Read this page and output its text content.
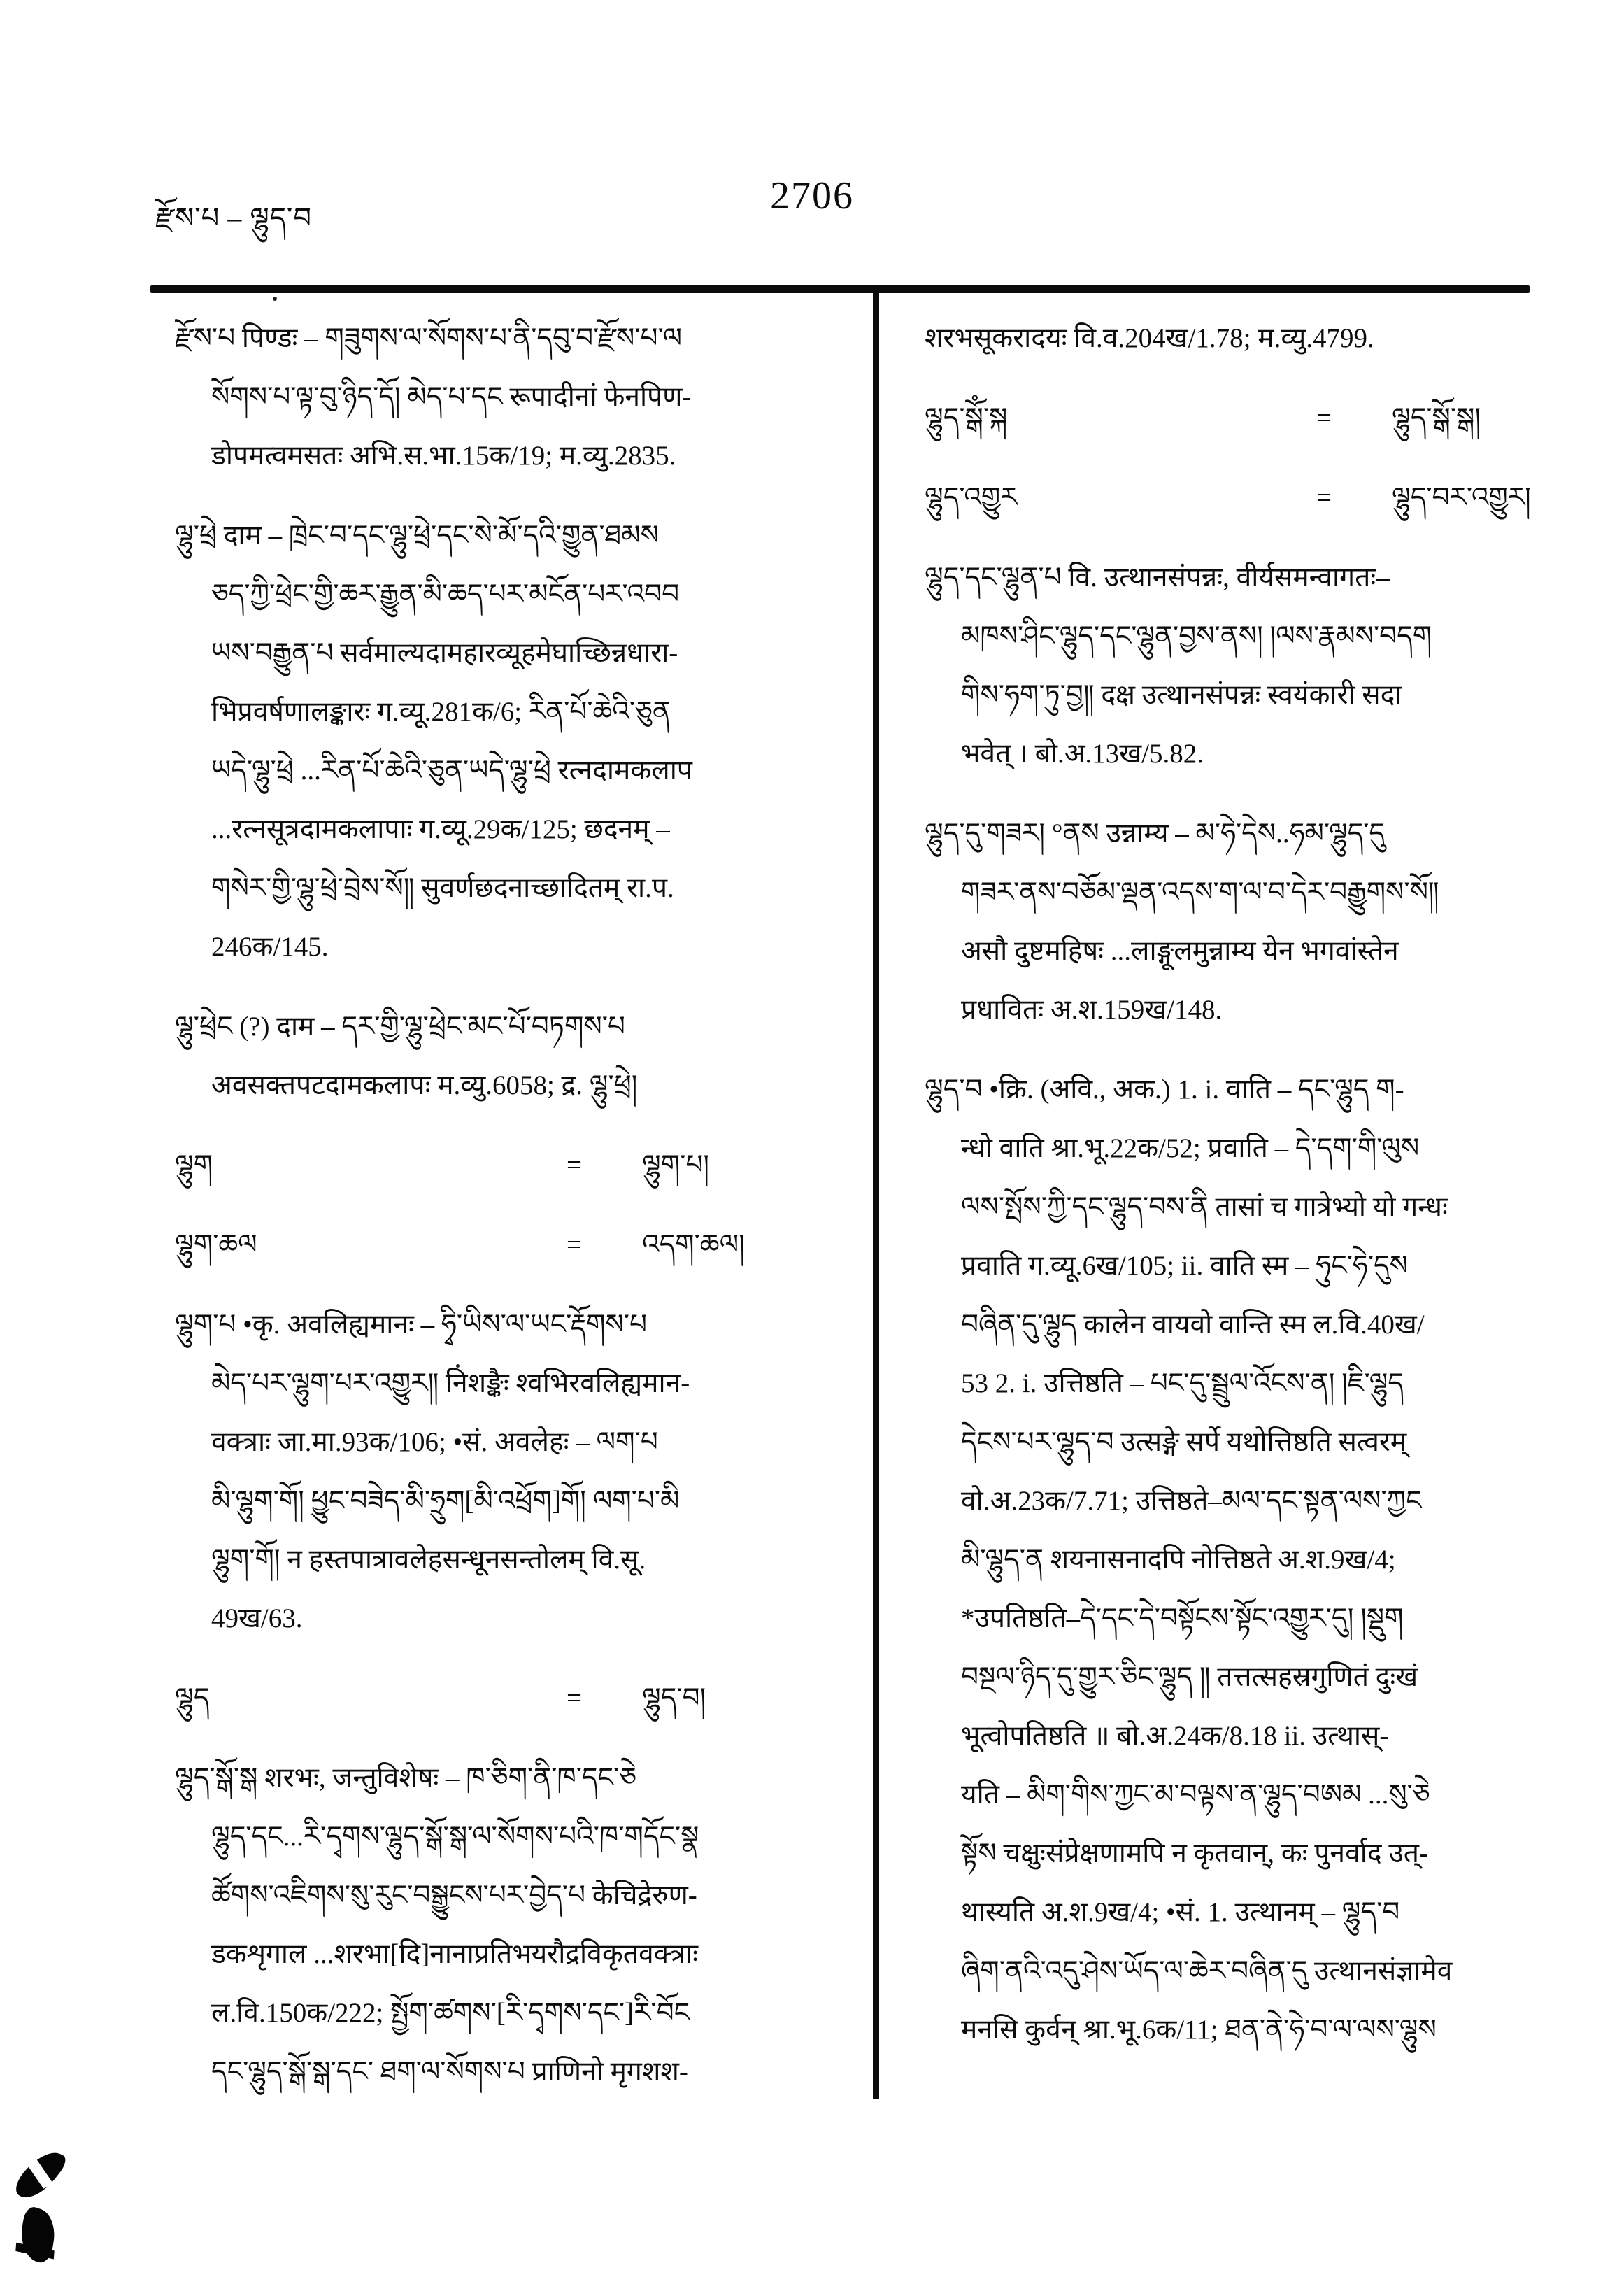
2706
རྫོས་པ – ལྷུད་བ
རྫོས་པ पिण्डः – གཟུགས་ལ་སོགས་པ་ནི་དབུ་བ་རྫོས་པ་ལ
སོགས་པ་ལྟ་བུ་ཉིད་དོ། མེད་པ་དང रूपादीनां फेनपिण-
डोपमत्वमसतः अभि.स.भा.15क/19; म.व्यु.2835.
ལྷུ་ཕྲེ दाम – ཁྲེང་བ་དང་ལྷུ་ཕྲེ་དང་སེ་མོ་དའི་གྱུན་ཐམས
ཅད་ཀྱི་ཕྲེང་གྱི་ཆར་རྒྱུན་མི་ཆད་པར་མངོན་པར་འབབ
ཡས་བརྒྱུན་པ सर्वमाल्यदामहारव्यूहमेघाच्छिन्नधारा-
भिप्रवर्षणालङ्कारः ग.व्यू.281क/6; རིན་པོ་ཆེའི་ཅུན
ཡདེ་ལྷུ་ཕྲེ ...རིན་པོ་ཆེའི་ཅུན་ཡདེ་ལྷུ་ཕྲེ रत्नदामकलाप
...रत्नसूत्रदामकलापाः ग.व्यू.29क/125; छदनम् –
གསེར་གྱི་ལྷུ་ཕྲེ་བྲེས་སོ༎ सुवर्णछदनाच्छादितम् रा.प.
246क/145.
ལྷུ་ཕྲེང (?) दाम – དར་གྱི་ལྷུ་ཕྲེང་མང་པོ་བཏགས་པ
अवसक्तपटदामकलापः म.व्यु.6058; द्र. ལྷུ་ཕྲེ།
ལྷུག	= ལྷུག་པ།
ལྷུག་ཆལ	= འདག་ཆལ།
ལྷུག་པ •कृ. अवलिह्यमानः – ཧྭི་ཡིས་ལ་ཡང་རྡོགས་པ
མེད་པར་ལྷུག་པར་འགྱུར༎ निशङ्कैः श्वभिरवलिह्यमान-
वक्त्राः जा.मा.93क/106; •सं. अवलेहः – ལག་པ
མི་ལྷུག་གོ། ཕྱུང་བཟེད་མི་ཧྲུག[མི་འཕྲོག]གོ། ལག་པ་མི
ལྷུག་གོ། न हस्तपात्रावलेहसन्धूनसन्तोलम् वि.सू.
49ख/63.
ལྷུད	= ལྷུད་བ།
ལྷུད་སྒོ་སྒ शरभः, जन्तुविशेषः – ཁ་ཅིག་ནི་ཁ་དང་ཅེ
ལྷུད་དང...རི་དྭགས་ལྷུད་སྒོ་སྒ་ལ་སོགས་པའི་ཁ་གདོང་སྣ
ཚོགས་འཇིགས་སུ་རུང་བསྒྱུངས་པར་བྱེད་པ केचिद्रेरुण-
डकशृगाल ...शरभा[दि]नानाप्रतिभयरौद्रविकृतवक्त्राः
ल.वि.150क/222; སྤྱོག་ཚགས་[རི་དྭགས་དང་]རི་བོང
དང་ལྷུད་སྒོ་སྒ་དང་ ཐག་ལ་སོགས་པ प्राणिनो मृगशश-
शरभसूकरादयः वि.व.204ख/1.78; म.व्यु.4799.
ལྷུད་སྒོཾ་སྐ	= ལྷུད་སྒོ་སྒ།
ལྷུད་འགྱུར	= ལྷུད་བར་འགྱུར།
ལྷུད་དང་ལྷུན་པ वि. उत्थानसंपन्नः, वीर्यसमन्वागतः–
མཁས་ཤིང་ལྷུད་དང་ལྷུན་བྱས་ནས། །ལས་རྣམས་བདག
གིས་ཧག་ཏུ་བྱ༎ दक्ष उत्थानसंपन्नः स्वयंकारी सदा
भवेत् । बो.अ.13ख/5.82.
ལྷུད་དུ་གཟར། °ནས उन्नाम्य – མ་ཧེ་དེས..ཧམ་ལྷུད་དུ
གཟར་ནས་བཅོམ་ལྡན་འདས་ག་ལ་བ་དེར་བརྒྱུགས་སོ༎
असौ दुष्टमहिषः ...लाङ्गूलमुन्नाम्य येन भगवांस्तेन
प्रधावितः अ.श.159ख/148.
ལྷུད་བ •क्रि. (अवि., अक.) 1. i. वाति – དང་ལྷུད ག-
न्धो वाति श्रा.भू.22क/52; प्रवाति – དེ་དག་གི་ལུས
ལས་སྤོས་ཀྱི་དང་ལྷུད་བས་ནི तासां च गात्रेभ्यो यो गन्धः
प्रवाति ग.व्यू.6ख/105; ii. वाति स्म – ཧུང་ཧེ་དུས
བཞིན་དུ་ལྷུད कालेन वायवो वान्ति स्म ल.वि.40ख/
53 2. i. उत्तिष्ठति – པང་དུ་སྦྲུལ་འོངས་ན། །ཇི་ལྷུད
དེངས་པར་ལྷུད་བ उत्सङ्गे सर्पे यथोत्तिष्ठति सत्वरम्
वो.अ.23क/7.71; उत्तिष्ठते–མལ་དང་སྟན་ལས་ཀྱང
མི་ལྷུད་ན शयनासनादपि नोत्तिष्ठते अ.श.9ख/4;
*उपतिष्ठति–དེ་དང་དེ་བསྟོངས་སྟོང་འགྱུར་དུ། །སྡུག
བསྔལ་ཉིད་དུ་གྱུར་ཅིང་ལྷུད ༎ तत्तत्सहस्रगुणितं दुःखं
भूत्वोपतिष्ठति ॥ बो.अ.24क/8.18 ii. उत्थास्-
यति – མིག་གིས་ཀྱང་མ་བལྟས་ན་ལྷུད་བཨམ ...སུ་ཅེ
སྟོས चक्षुःसंप्रेक्षणामपि न कृतवान्, कः पुनर्वाद उत्-
थास्यति अ.श.9ख/4; •सं. 1. उत्थानम् – ལྷུད་བ
ཞིག་ནའི་འདུ་ཤེས་ཡོད་ལ་ཆེར་བཞིན་དུ उत्थानसंज्ञामेव
मनसि कुर्वन् श्रा.भू.6क/11; ཐན་ནེ་ཧེ་བ་ལ་ལས་ལྷུས
